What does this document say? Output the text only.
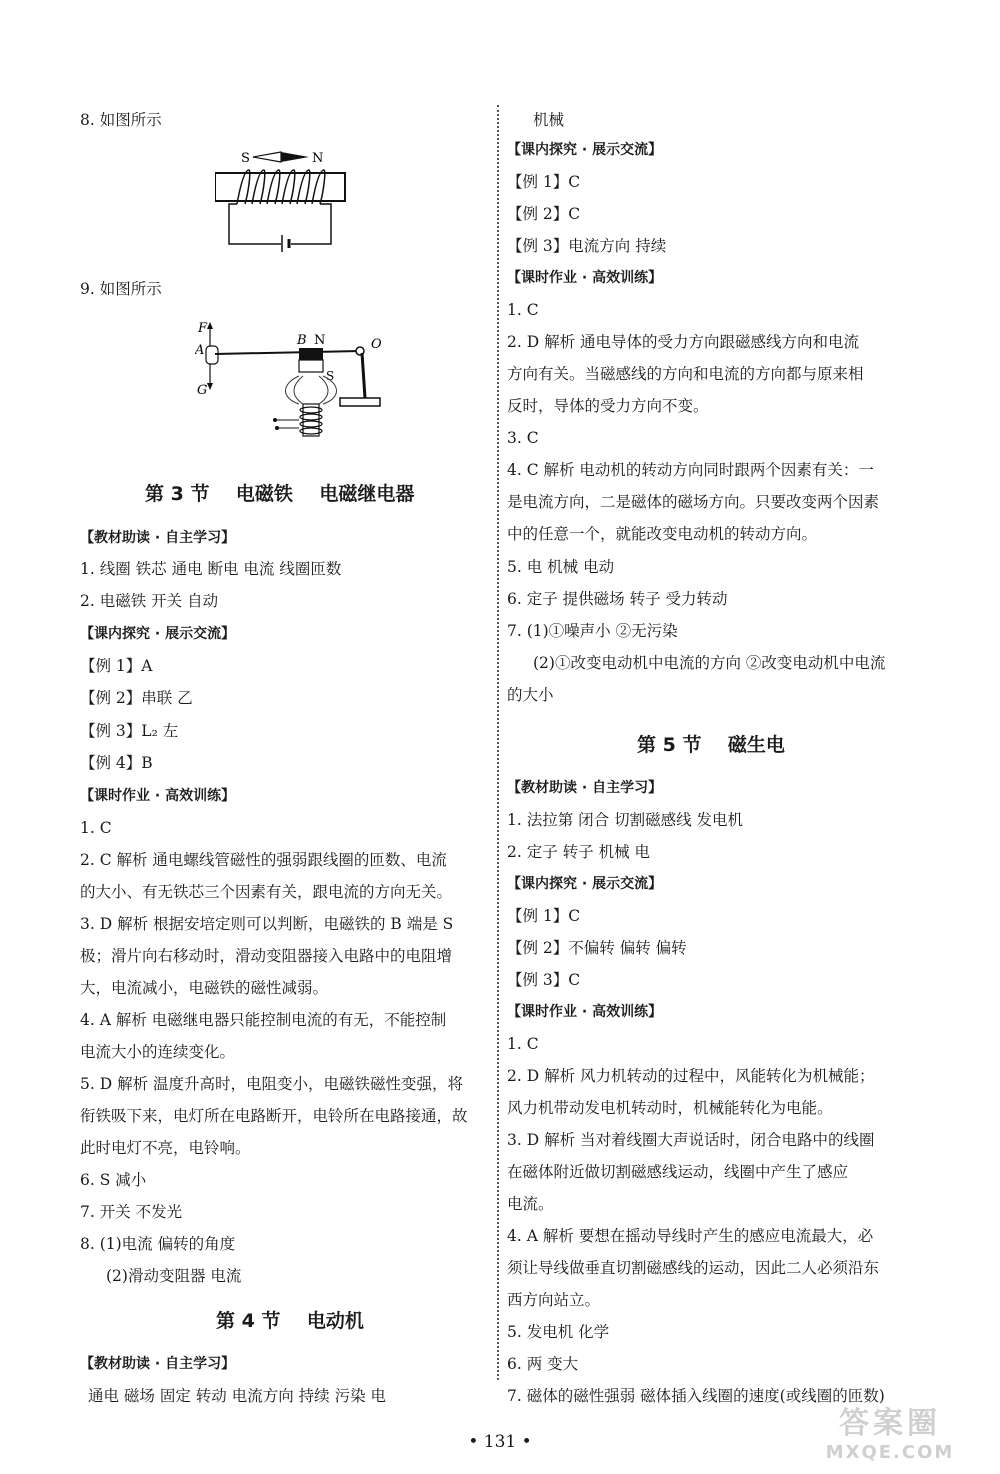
8. 如图所示
S	N
9. 如图所示
F
A
G
B N
S
O
第 3 节    电磁铁    电磁继电器
【教材助读 · 自主学习】
1. 线圈 铁芯 通电 断电 电流 线圈匝数
2. 电磁铁 开关 自动
【课内探究 · 展示交流】
【例 1】A
【例 2】串联 乙
【例 3】L₂ 左
【例 4】B
【课时作业 · 高效训练】
1. C
2. C 解析 通电螺线管磁性的强弱跟线圈的匝数、电流
的大小、有无铁芯三个因素有关，跟电流的方向无关。
3. D 解析 根据安培定则可以判断，电磁铁的 B 端是 S
极；滑片向右移动时，滑动变阻器接入电路中的电阻增
大，电流减小，电磁铁的磁性减弱。
4. A 解析 电磁继电器只能控制电流的有无，不能控制
电流大小的连续变化。
5. D 解析 温度升高时，电阻变小，电磁铁磁性变强，将
衔铁吸下来，电灯所在电路断开，电铃所在电路接通，故
此时电灯不亮，电铃响。
6. S 减小
7. 开关 不发光
8. (1)电流 偏转的角度
(2)滑动变阻器 电流
第 4 节    电动机
【教材助读 · 自主学习】
通电 磁场 固定 转动 电流方向 持续 污染 电
机械
【课内探究 · 展示交流】
【例 1】C
【例 2】C
【例 3】电流方向 持续
【课时作业 · 高效训练】
1. C
2. D 解析 通电导体的受力方向跟磁感线方向和电流
方向有关。当磁感线的方向和电流的方向都与原来相
反时，导体的受力方向不变。
3. C
4. C 解析 电动机的转动方向同时跟两个因素有关：一
是电流方向，二是磁体的磁场方向。只要改变两个因素
中的任意一个，就能改变电动机的转动方向。
5. 电 机械 电动
6. 定子 提供磁场 转子 受力转动
7. (1)①噪声小 ②无污染
(2)①改变电动机中电流的方向 ②改变电动机中电流
的大小
第 5 节    磁生电
【教材助读 · 自主学习】
1. 法拉第 闭合 切割磁感线 发电机
2. 定子 转子 机械 电
【课内探究 · 展示交流】
【例 1】C
【例 2】不偏转 偏转 偏转
【例 3】C
【课时作业 · 高效训练】
1. C
2. D 解析 风力机转动的过程中，风能转化为机械能；
风力机带动发电机转动时，机械能转化为电能。
3. D 解析 当对着线圈大声说话时，闭合电路中的线圈
在磁体附近做切割磁感线运动，线圈中产生了感应
电流。
4. A 解析 要想在摇动导线时产生的感应电流最大，必
须让导线做垂直切割磁感线的运动，因此二人必须沿东
西方向站立。
5. 发电机 化学
6. 两 变大
7. 磁体的磁性强弱 磁体插入线圈的速度(或线圈的匝数)
• 131 •
答案圈
MXQE.COM
